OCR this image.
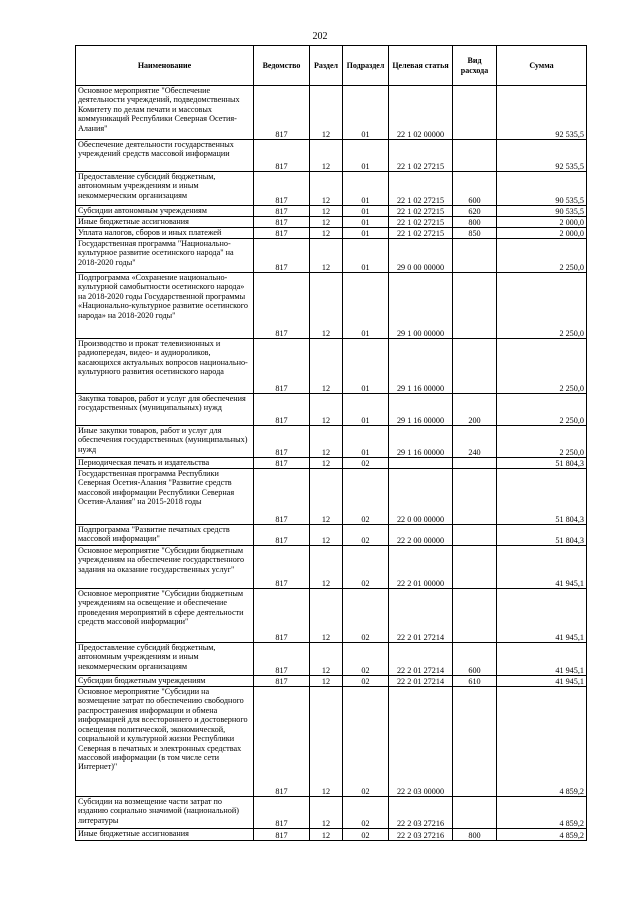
202
Наименование	Ведомство	Раздел	Подраздел	Целевая статья	Вид расхода	Сумма
Основное мероприятие "Обеспечение деятельности учреждений, подведомственных Комитету по делам печати и массовых коммуникаций Республики Северная Осетия-Алания"	817	12	01	22 1 02 00000		92 535,5
Обеспечение деятельности государственных учреждений средств массовой информации	817	12	01	22 1 02 27215		92 535,5
Предоставление субсидий бюджетным, автономным учреждениям и иным некоммерческим организациям	817	12	01	22 1 02 27215	600	90 535,5
Субсидии автономным учреждениям	817	12	01	22 1 02 27215	620	90 535,5
Иные бюджетные ассигнования	817	12	01	22 1 02 27215	800	2 000,0
Уплата налогов, сборов и иных платежей	817	12	01	22 1 02 27215	850	2 000,0
Государственная программа "Национально-культурное развитие осетинского народа" на 2018-2020 годы"	817	12	01	29 0 00 00000		2 250,0
Подпрограмма «Сохранение национально-культурной самобытности осетинского народа» на 2018-2020 годы Государственной программы «Национально-культурное развитие осетинского народа» на 2018-2020 годы"	817	12	01	29 1 00 00000		2 250,0
Производство и прокат телевизионных и радиопередач, видео- и аудиороликов, касающихся актуальных вопросов национально-культурного развития осетинского народа	817	12	01	29 1 16 00000		2 250,0
Закупка товаров, работ и услуг для обеспечения государственных (муниципальных) нужд	817	12	01	29 1 16 00000	200	2 250,0
Иные закупки товаров, работ и услуг для обеспечения государственных (муниципальных) нужд	817	12	01	29 1 16 00000	240	2 250,0
Периодическая печать и издательства	817	12	02			51 804,3
Государственная программа Республики Северная Осетия-Алания "Развитие средств массовой информации Республики Северная Осетия-Алания" на 2015-2018 годы	817	12	02	22 0 00 00000		51 804,3
Подпрограмма "Развитие печатных средств массовой информации"	817	12	02	22 2 00 00000		51 804,3
Основное мероприятие "Субсидии бюджетным учреждениям на обеспечение государственного задания на оказание государственных услуг"	817	12	02	22 2 01 00000		41 945,1
Основное мероприятие "Субсидии бюджетным учреждениям на освещение и обеспечение проведения мероприятий в сфере деятельности средств массовой информации"	817	12	02	22 2 01 27214		41 945,1
Предоставление субсидий бюджетным, автономным учреждениям и иным некоммерческим организациям	817	12	02	22 2 01 27214	600	41 945,1
Субсидии бюджетным учреждениям	817	12	02	22 2 01 27214	610	41 945,1
Основное мероприятие "Субсидии на возмещение затрат по обеспечению свободного распространения информации и обмена информацией для всестороннего и достоверного освещения политической, экономической, социальной и культурной жизни Республики Северная в печатных и электронных средствах массовой информации (в том числе сети Интернет)"	817	12	02	22 2 03 00000		4 859,2
Субсидии на возмещение части затрат по изданию социально значимой (национальной) литературы	817	12	02	22 2 03 27216		4 859,2
Иные бюджетные ассигнования	817	12	02	22 2 03 27216	800	4 859,2
